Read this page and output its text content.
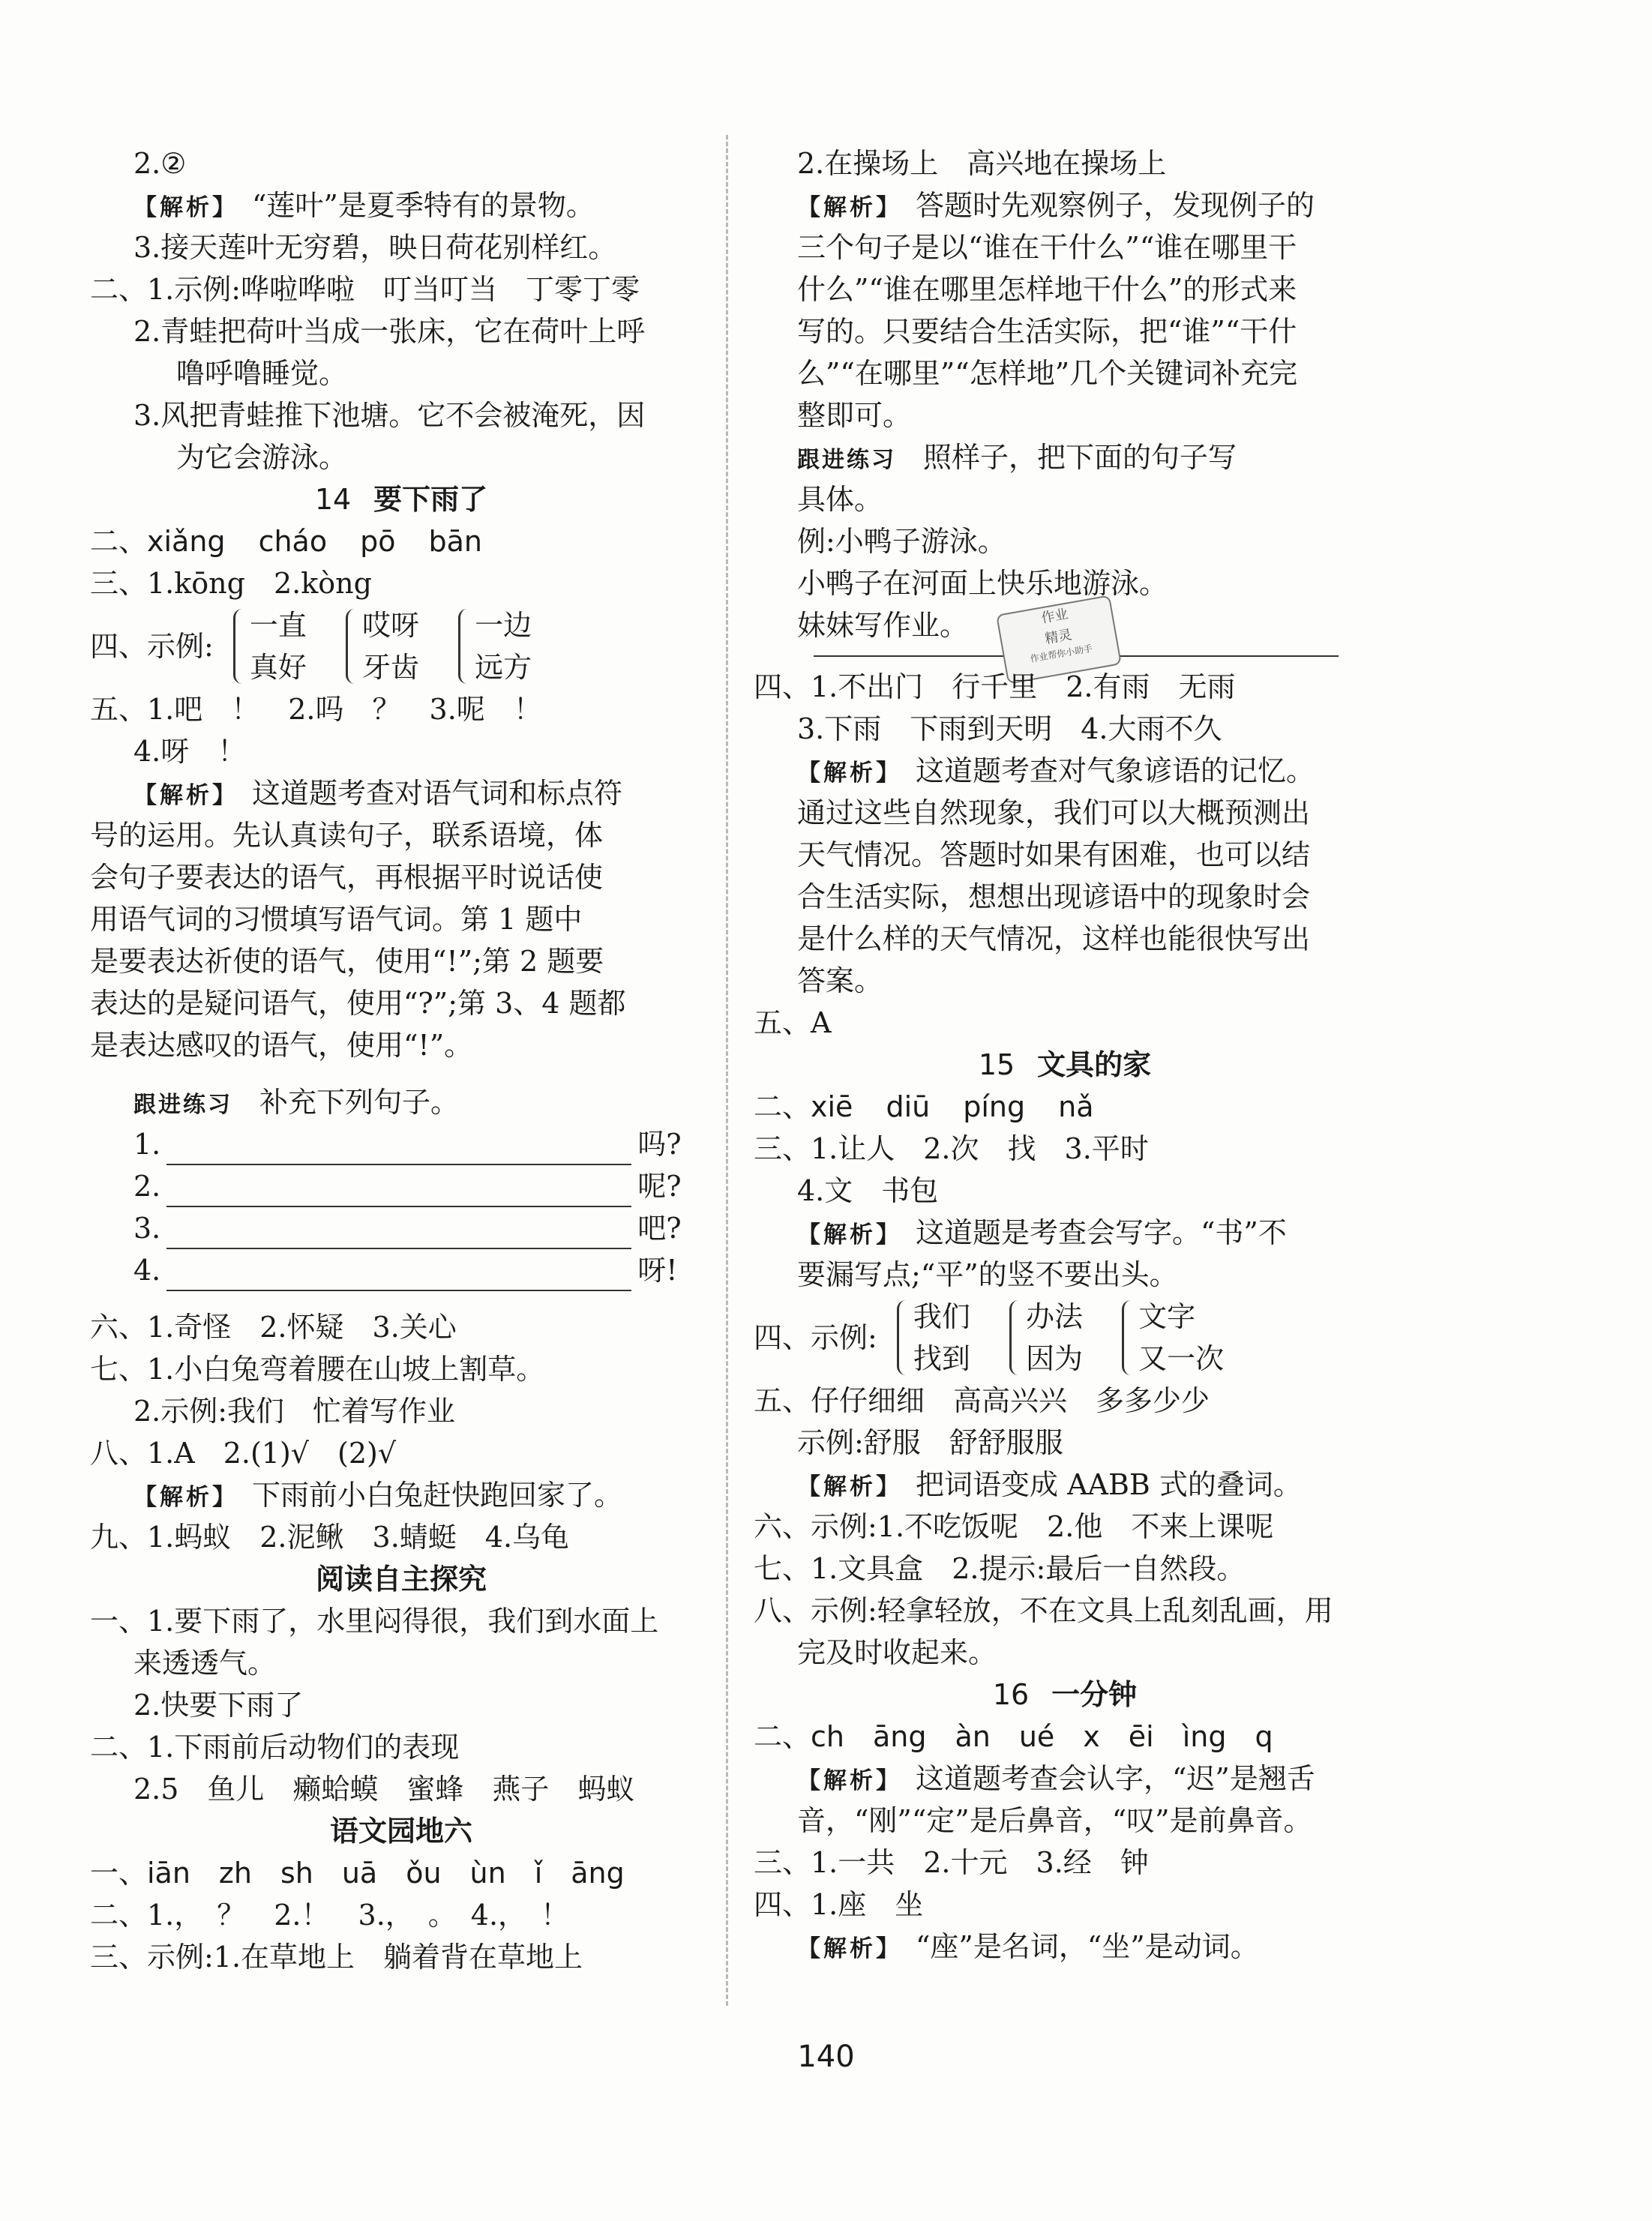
2.②
【解析】 “莲叶”是夏季特有的景物。
3.接天莲叶无穷碧，映日荷花别样红。
二、1.示例:哗啦哗啦　叮当叮当　丁零丁零
2.青蛙把荷叶当成一张床，它在荷叶上呼
噜呼噜睡觉。
3.风把青蛙推下池塘。它不会被淹死，因
为它会游泳。
14 要下雨了
二、xiǎng cháo pō bān
三、1.kōng　2.kòng
四、示例:
一直
真好

哎呀
牙齿

一边
远方
五、1.吧　！　2.吗　？　3.呢　！
4.呀　！
【解析】 这道题考查对语气词和标点符
号的运用。先认真读句子，联系语境，体
会句子要表达的语气，再根据平时说话使
用语气词的习惯填写语气词。第 1 题中
是要表达祈使的语气，使用“!”;第 2 题要
表达的是疑问语气，使用“?”;第 3、4 题都
是表达感叹的语气，使用“!”。
跟进练习 补充下列句子。
1.	吗?
2.	呢?
3.	吧?
4.	呀!
六、1.奇怪　2.怀疑　3.关心
七、1.小白兔弯着腰在山坡上割草。
2.示例:我们　忙着写作业
八、1.A　2.(1)√　(2)√
【解析】 下雨前小白兔赶快跑回家了。
九、1.蚂蚁　2.泥鳅　3.蜻蜓　4.乌龟
阅读自主探究
一、1.要下雨了，水里闷得很，我们到水面上
来透透气。
2.快要下雨了
二、1.下雨前后动物们的表现
2.5　鱼儿　癞蛤蟆　蜜蜂　燕子　蚂蚁
语文园地六
一、iān　zh　sh　uā　ǒu　ùn　ǐ　āng
二、1.，　？　2.！　3.，　。　4.，　！
三、示例:1.在草地上　躺着背在草地上
2.在操场上　高兴地在操场上
【解析】 答题时先观察例子，发现例子的
三个句子是以“谁在干什么”“谁在哪里干
什么”“谁在哪里怎样地干什么”的形式来
写的。只要结合生活实际，把“谁”“干什
么”“在哪里”“怎样地”几个关键词补充完
整即可。
跟进练习 照样子，把下面的句子写
具体。
例:小鸭子游泳。
小鸭子在河面上快乐地游泳。
妹妹写作业。	作业
精灵
作业帮你小助手
四、1.不出门　行千里　2.有雨　无雨
3.下雨　下雨到天明　4.大雨不久
【解析】 这道题考查对气象谚语的记忆。
通过这些自然现象，我们可以大概预测出
天气情况。答题时如果有困难，也可以结
合生活实际，想想出现谚语中的现象时会
是什么样的天气情况，这样也能很快写出
答案。
五、A
15 文具的家
二、xiē diū píng nǎ
三、1.让人　2.次　找　3.平时
4.文　书包
【解析】 这道题是考查会写字。“书”不
要漏写点;“平”的竖不要出头。
四、示例:
我们
找到

办法
因为

文字
又一次
五、仔仔细细　高高兴兴　多多少少
示例:舒服　舒舒服服
【解析】 把词语变成 AABB 式的叠词。
六、示例:1.不吃饭呢　2.他　不来上课呢
七、1.文具盒　2.提示:最后一自然段。
八、示例:轻拿轻放，不在文具上乱刻乱画，用
完及时收起来。
16 一分钟
二、ch　āng　àn　ué　x　ēi　ìng　q
【解析】 这道题考查会认字，“迟”是翘舌
音，“刚”“定”是后鼻音，“叹”是前鼻音。
三、1.一共　2.十元　3.经　钟
四、1.座　坐
【解析】 “座”是名词，“坐”是动词。
140
